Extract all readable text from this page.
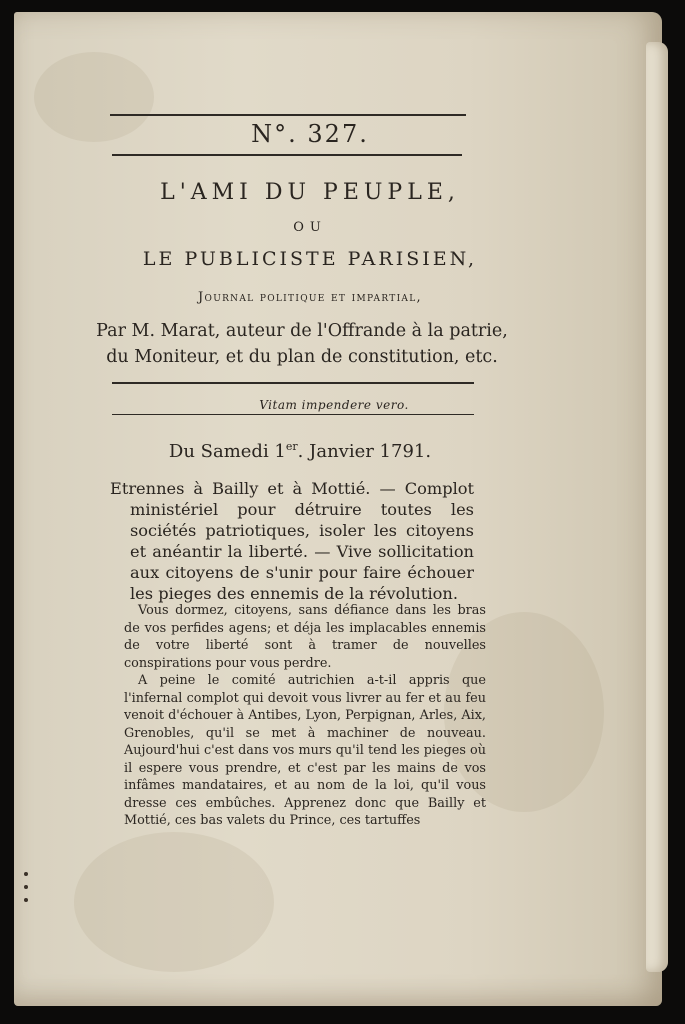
N°. 327.
L'AMI DU PEUPLE,
OU
LE PUBLICISTE PARISIEN,
Journal politique et impartial,
Par M. Marat, auteur de l'Offrande à la patrie,
du Moniteur, et du plan de constitution, etc.
Vitam impendere vero.
Du Samedi 1er. Janvier 1791.

Etrennes à Bailly et à Mottié. — Complot ministériel pour détruire toutes les sociétés patriotiques, isoler les citoyens et anéantir la liberté. — Vive sollicitation aux citoyens de s'unir pour faire échouer les pieges des ennemis de la révolution.

Vous dormez, citoyens, sans défiance dans les bras de vos perfides agens; et déja les implacables ennemis de votre liberté sont à tramer de nouvelles conspirations pour vous perdre.

A peine le comité autrichien a-t-il appris que l'infernal complot qui devoit vous livrer au fer et au feu venoit d'échouer à Antibes, Lyon, Perpignan, Arles, Aix, Grenobles, qu'il se met à machiner de nouveau. Aujourd'hui c'est dans vos murs qu'il tend les pieges où il espere vous prendre, et c'est par les mains de vos infâmes mandataires, et au nom de la loi, qu'il vous dresse ces embûches. Apprenez donc que Bailly et Mottié, ces bas valets du Prince, ces tartuffes
